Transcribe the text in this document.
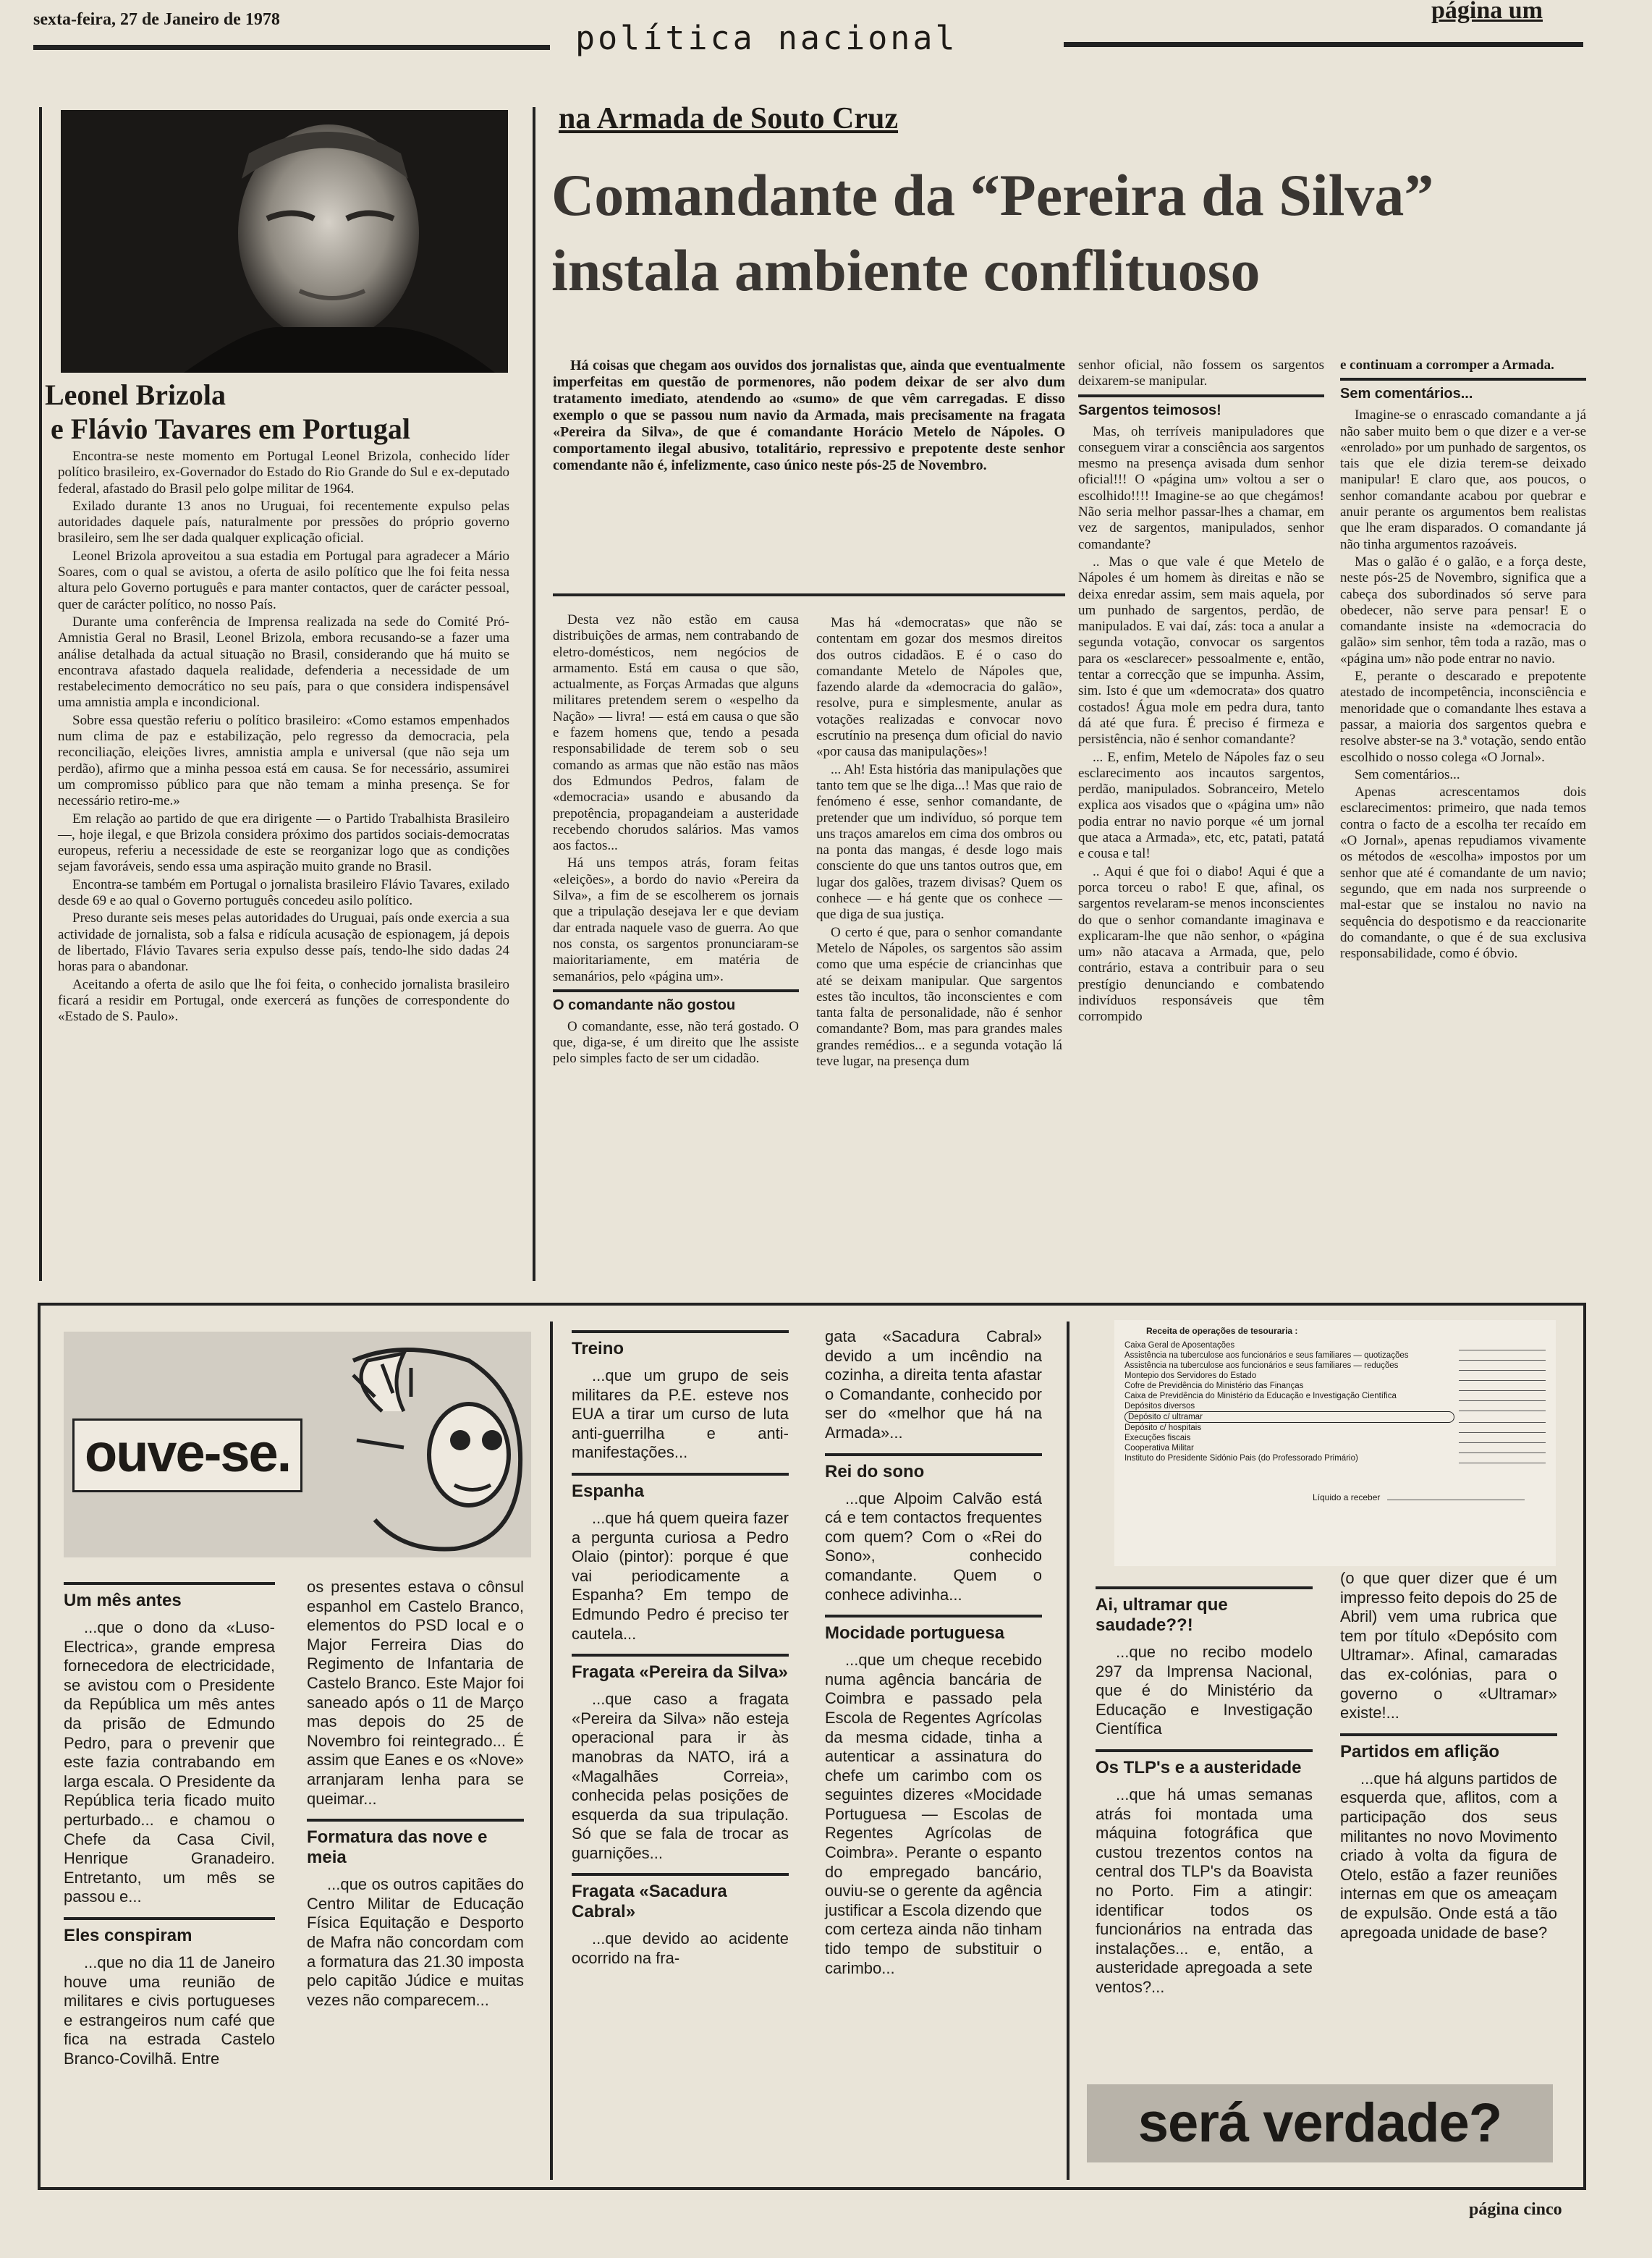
sexta-feira, 27 de Janeiro de 1978	política nacional
página um
Leonel Brizola
e Flávio Tavares em Portugal

Encontra-se neste momento em Portugal Leonel Brizola, conhecido líder político brasileiro, ex-Governador do Estado do Rio Grande do Sul e ex-deputado federal, afastado do Brasil pelo golpe militar de 1964.

Exilado durante 13 anos no Uruguai, foi recentemente expulso pelas autoridades daquele país, naturalmente por pressões do próprio governo brasileiro, sem lhe ser dada qualquer explicação oficial.

Leonel Brizola aproveitou a sua estadia em Portugal para agradecer a Mário Soares, com o qual se avistou, a oferta de asilo político que lhe foi feita nessa altura pelo Governo português e para manter contactos, quer de carácter pessoal, quer de carácter político, no nosso País.

Durante uma conferência de Imprensa realizada na sede do Comité Pró-Amnistia Geral no Brasil, Leonel Brizola, embora recusando-se a fazer uma análise detalhada da actual situação no Brasil, considerando que há muito se encontrava afastado daquela realidade, defenderia a necessidade de um restabelecimento democrático no seu país, para o que considera indispensável uma amnistia ampla e incondicional.

Sobre essa questão referiu o político brasileiro: «Como estamos empenhados num clima de paz e estabilização, pelo regresso da democracia, pela reconciliação, eleições livres, amnistia ampla e universal (que não seja um perdão), afirmo que a minha pessoa está em causa. Se for necessário, assumirei um compromisso público para que não temam a minha presença. Se for necessário retiro-me.»

Em relação ao partido de que era dirigente — o Partido Trabalhista Brasileiro —, hoje ilegal, e que Brizola considera próximo dos partidos sociais-democratas europeus, referiu a necessidade de este se reorganizar logo que as condições sejam favoráveis, sendo essa uma aspiração muito grande no Brasil.

Encontra-se também em Portugal o jornalista brasileiro Flávio Tavares, exilado desde 69 e ao qual o Governo português concedeu asilo político.

Preso durante seis meses pelas autoridades do Uruguai, país onde exercia a sua actividade de jornalista, sob a falsa e ridícula acusação de espionagem, já depois de libertado, Flávio Tavares seria expulso desse país, tendo-lhe sido dadas 24 horas para o abandonar.

Aceitando a oferta de asilo que lhe foi feita, o conhecido jornalista brasileiro ficará a residir em Portugal, onde exercerá as funções de correspondente do «Estado de S. Paulo».

na Armada de Souto Cruz
Comandante da “Pereira da Silva”
instala ambiente conflituoso

Há coisas que chegam aos ouvidos dos jornalistas que, ainda que eventualmente imperfeitas em questão de pormenores, não podem deixar de ser alvo dum tratamento imediato, atendendo ao «sumo» de que vêm carregadas. E disso exemplo o que se passou num navio da Armada, mais precisamente na fragata «Pereira da Silva», de que é comandante Horácio Metelo de Nápoles. O comportamento ilegal abusivo, totalitário, repressivo e prepotente deste senhor comendante não é, infelizmente, caso único neste pós-25 de Novembro.

Desta vez não estão em causa distribuições de armas, nem contrabando de eletro-domésticos, nem negócios de armamento. Está em causa o que são, actualmente, as Forças Armadas que alguns militares pretendem serem o «espelho da Nação» — livra! — está em causa o que são e fazem homens que, tendo a pesada responsabilidade de terem sob o seu comando as armas que não estão nas mãos dos Edmundos Pedros, falam de «democracia» usando e abusando da prepotência, propagandeiam a austeridade recebendo chorudos salários. Mas vamos aos factos...

Há uns tempos atrás, foram feitas «eleições», a bordo do navio «Pereira da Silva», a fim de se escolherem os jornais que a tripulação desejava ler e que deviam dar entrada naquele vaso de guerra. Ao que nos consta, os sargentos pronunciaram-se maioritariamente, em matéria de semanários, pelo «página um».

O comandante não gostou

O comandante, esse, não terá gostado. O que, diga-se, é um direito que lhe assiste pelo simples facto de ser um cidadão.

Mas há «democratas» que não se contentam em gozar dos mesmos direitos dos outros cidadãos. E é o caso do comandante Metelo de Nápoles que, fazendo alarde da «democracia do galão», resolve, pura e simplesmente, anular as votações realizadas e convocar novo escrutínio na presença dum oficial do navio «por causa das manipulações»!

... Ah! Esta história das manipulações que tanto tem que se lhe diga...! Mas que raio de fenómeno é esse, senhor comandante, de pretender que um indivíduo, só porque tem uns traços amarelos em cima dos ombros ou na ponta das mangas, é desde logo mais consciente do que uns tantos outros que, em lugar dos galões, trazem divisas? Quem os conhece — e há gente que os conhece — que diga de sua justiça.

O certo é que, para o senhor comandante Metelo de Nápoles, os sargentos são assim como que uma espécie de criancinhas que até se deixam manipular. Que sargentos estes tão incultos, tão inconscientes e com tanta falta de personalidade, não é senhor comandante? Bom, mas para grandes males grandes remédios... e a segunda votação lá teve lugar, na presença dum

senhor oficial, não fossem os sargentos deixarem-se manipular.

Sargentos teimosos!

Mas, oh terríveis manipuladores que conseguem virar a consciência aos sargentos mesmo na presença avisada dum senhor oficial!!! O «página um» voltou a ser o escolhido!!!! Imagine-se ao que chegámos! Não seria melhor passar-lhes a chamar, em vez de sargentos, manipulados, senhor comandante?

.. Mas o que vale é que Metelo de Nápoles é um homem às direitas e não se deixa enredar assim, sem mais aquela, por um punhado de sargentos, perdão, de manipulados. E vai daí, zás: toca a anular a segunda votação, convocar os sargentos para os «esclarecer» pessoalmente e, então, tentar a correcção que se impunha. Assim, sim. Isto é que um «democrata» dos quatro costados! Água mole em pedra dura, tanto dá até que fura. É preciso é firmeza e persistência, não é senhor comandante?

... E, enfim, Metelo de Nápoles faz o seu esclarecimento aos incautos sargentos, perdão, manipulados. Sobranceiro, Metelo explica aos visados que o «página um» não podia entrar no navio porque «é um jornal que ataca a Armada», etc, etc, patati, patatá e cousa e tal!

.. Aqui é que foi o diabo! Aqui é que a porca torceu o rabo! E que, afinal, os sargentos revelaram-se menos inconscientes do que o senhor comandante imaginava e explicaram-lhe que não senhor, o «página um» não atacava a Armada, que, pelo contrário, estava a contribuir para o seu prestígio denunciando e combatendo indivíduos responsáveis que têm corrompido

e continuam a corromper a Armada.

Sem comentários...

Imagine-se o enrascado comandante a já não saber muito bem o que dizer e a ver-se «enrolado» por um punhado de sargentos, os tais que ele dizia terem-se deixado manipular! E claro que, aos poucos, o senhor comandante acabou por quebrar e anuir perante os argumentos bem realistas que lhe eram disparados. O comandante já não tinha argumentos razoáveis.

Mas o galão é o galão, e a força deste, neste pós-25 de Novembro, significa que a cabeça dos subordinados só serve para obedecer, não serve para pensar! E o comandante insiste na «democracia do galão» sim senhor, têm toda a razão, mas o «página um» não pode entrar no navio.

E, perante o descarado e prepotente atestado de incompetência, inconsciência e menoridade que o comandante lhes estava a passar, a maioria dos sargentos quebra e resolve abster-se na 3.ª votação, sendo então escolhido o nosso colega «O Jornal».

Sem comentários...

Apenas acrescentamos dois esclarecimentos: primeiro, que nada temos contra o facto de a escolha ter recaído em «O Jornal», apenas repudiamos vivamente os métodos de «escolha» impostos por um senhor que até é comandante de um navio; segundo, que em nada nos surpreende o mal-estar que se instalou no navio na sequência do despotismo e da reaccionarite do comandante, o que é de sua exclusiva responsabilidade, como é óbvio.

ouve-se.
Um mês antes

...que o dono da «Luso-Electrica», grande empresa fornecedora de electricidade, se avistou com o Presidente da República um mês antes da prisão de Edmundo Pedro, para o prevenir que este fazia contrabando em larga escala. O Presidente da República teria ficado muito perturbado... e chamou o Chefe da Casa Civil, Henrique Granadeiro. Entretanto, um mês se passou e...

Eles conspiram

...que no dia 11 de Janeiro houve uma reunião de militares e civis portugueses e estrangeiros num café que fica na estrada Castelo Branco-Covilhã. Entre

os presentes estava o cônsul espanhol em Castelo Branco, elementos do PSD local e o Major Ferreira Dias do Regimento de Infantaria de Castelo Branco. Este Major foi saneado após o 11 de Março mas depois do 25 de Novembro foi reintegrado... É assim que Eanes e os «Nove» arranjaram lenha para se queimar...

Formatura das nove e meia

...que os outros capitães do Centro Militar de Educação Física Equitação e Desporto de Mafra não concordam com a formatura das 21.30 imposta pelo capitão Júdice e muitas vezes não comparecem...

Treino

...que um grupo de seis militares da P.E. esteve nos EUA a tirar um curso de luta anti-guerrilha e anti-manifestações...

Espanha

...que há quem queira fazer a pergunta curiosa a Pedro Olaio (pintor): porque é que vai periodicamente a Espanha? Em tempo de Edmundo Pedro é preciso ter cautela...

Fragata «Pereira da Silva»

...que caso a fragata «Pereira da Silva» não esteja operacional para ir às manobras da NATO, irá a «Magalhães Correia», conhecida pelas posições de esquerda da sua tripulação. Só que se fala de trocar as guarnições...

Fragata «Sacadura Cabral»

...que devido ao acidente ocorrido na fra-

gata «Sacadura Cabral» devido a um incêndio na cozinha, a direita tenta afastar o Comandante, conhecido por ser do «melhor que há na Armada»...

Rei do sono

...que Alpoim Calvão está cá e tem contactos frequentes com quem? Com o «Rei do Sono», conhecido comandante. Quem o conhece adivinha...

Mocidade portuguesa

...que um cheque recebido numa agência bancária de Coimbra e passado pela Escola de Regentes Agrícolas da mesma cidade, tinha a autenticar a assinatura do chefe um carimbo com os seguintes dizeres «Mocidade Portuguesa — Escolas de Regentes Agrícolas de Coimbra». Perante o espanto do empregado bancário, ouviu-se o gerente da agência justificar a Escola dizendo que com certeza ainda não tinham tido tempo de substituir o carimbo...

Receita de operações de tesouraria :
Caixa Geral de Aposentações
Assistência na tuberculose aos funcionários e seus familiares — quotizações
Assistência na tuberculose aos funcionários e seus familiares — reduções
Montepio dos Servidores do Estado
Cofre de Previdência do Ministério das Finanças
Caixa de Previdência do Ministério da Educação e Investigação Científica
Depósitos diversos
Depósito c/ ultramar
Depósito c/ hospitais
Execuções fiscais
Cooperativa Militar
Instituto do Presidente Sidónio Pais (do Professorado Primário)
Líquido a receber
Ai, ultramar que saudade??!

...que no recibo modelo 297 da Imprensa Nacional, que é do Ministério da Educação e Investigação Científica

Os TLP's e a austeridade

...que há umas semanas atrás foi montada uma máquina fotográfica que custou trezentos contos na central dos TLP's da Boavista no Porto. Fim a atingir: identificar todos os funcionários na entrada das instalações... e, então, a austeridade apregoada a sete ventos?...

(o que quer dizer que é um impresso feito depois do 25 de Abril) vem uma rubrica que tem por título «Depósito com Ultramar». Afinal, camaradas das ex-colónias, para o governo o «Ultramar» existe!...

Partidos em aflição

...que há alguns partidos de esquerda que, aflitos, com a participação dos seus militantes no novo Movimento criado à volta da figura de Otelo, estão a fazer reuniões internas em que os ameaçam de expulsão. Onde está a tão apregoada unidade de base?

será verdade?
página cinco
